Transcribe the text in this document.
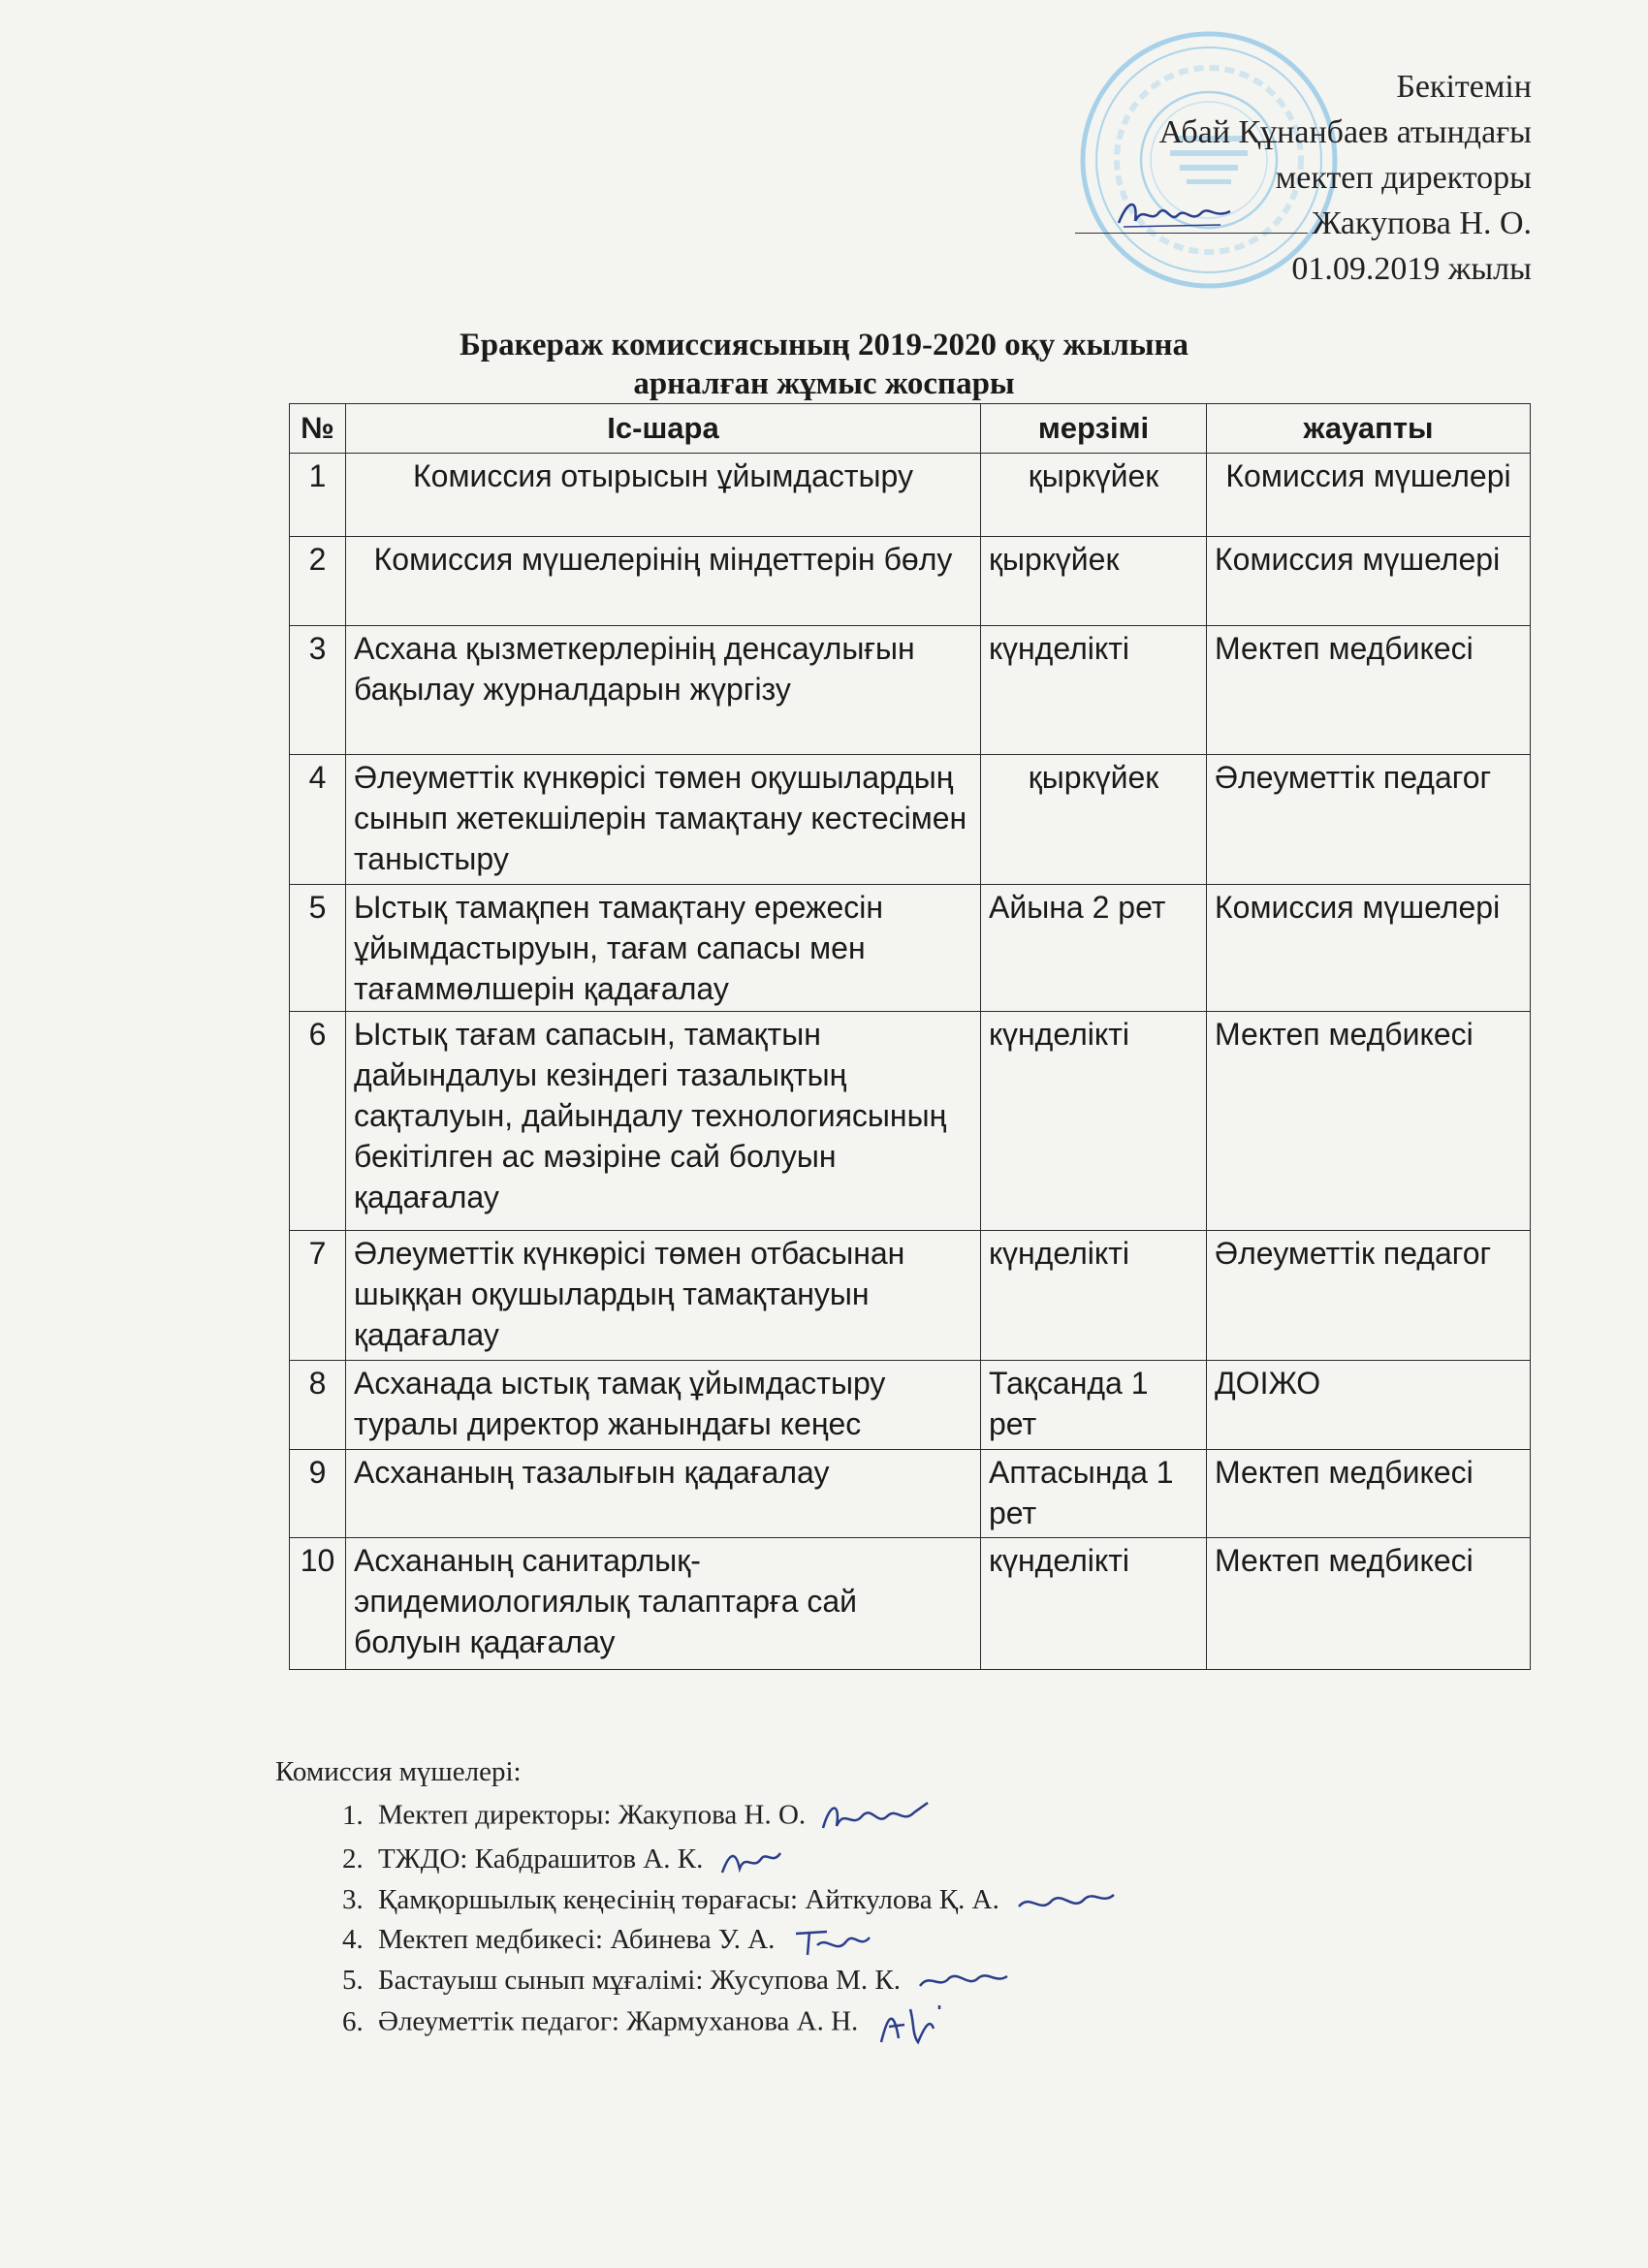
Бекітемін
Абай Құнанбаев атындағы
мектеп директоры
Жакупова Н. О.
01.09.2019 жылы
Бракераж комиссиясының 2019-2020 оқу жылына
арналған жұмыс жоспары
№	Іс-шара	мерзімі	жауапты
1	Комиссия отырысын ұйымдастыру	қыркүйек	Комиссия мүшелері
2	Комиссия мүшелерінің міндеттерін бөлу	қыркүйек	Комиссия мүшелері
3	Асхана қызметкерлерінің денсаулығын бақылау журналдарын жүргізу	күнделікті	Мектеп медбикесі
4	Әлеуметтік күнкөрісі төмен оқушылардың сынып жетекшілерін тамақтану кестесімен таныстыру	қыркүйек	Әлеуметтік педагог
5	Ыстық тамақпен тамақтану ережесін ұйымдастыруын, тағам сапасы мен тағаммөлшерін қадағалау	Айына 2 рет	Комиссия мүшелері
6	Ыстық тағам сапасын, тамақтын дайындалуы кезіндегі тазалықтың сақталуын, дайындалу технологиясының бекітілген ас мәзіріне сай болуын қадағалау	күнделікті	Мектеп медбикесі
7	Әлеуметтік күнкөрісі төмен отбасынан шыққан оқушылардың тамақтануын қадағалау	күнделікті	Әлеуметтік педагог
8	Асханада ыстық тамақ ұйымдастыру туралы директор жанындағы кеңес	Тақсанда 1 рет	ДОІЖО
9	Асхананың тазалығын қадағалау	Аптасында 1 рет	Мектеп медбикесі
10	Асхананың санитарлық-эпидемиологиялық талаптарға сай болуын қадағалау	күнделікті	Мектеп медбикесі
Комиссия мүшелері:
1. Мектеп директоры: Жакупова Н. О.
2. ТЖДО: Кабдрашитов А. К.
3. Қамқоршылық кеңесінің төрағасы: Айткулова Қ. А.
4. Мектеп медбикесі: Абинева У. А.
5. Бастауыш сынып мұғалімі: Жусупова М. К.
6. Әлеуметтік педагог: Жармуханова А. Н.
